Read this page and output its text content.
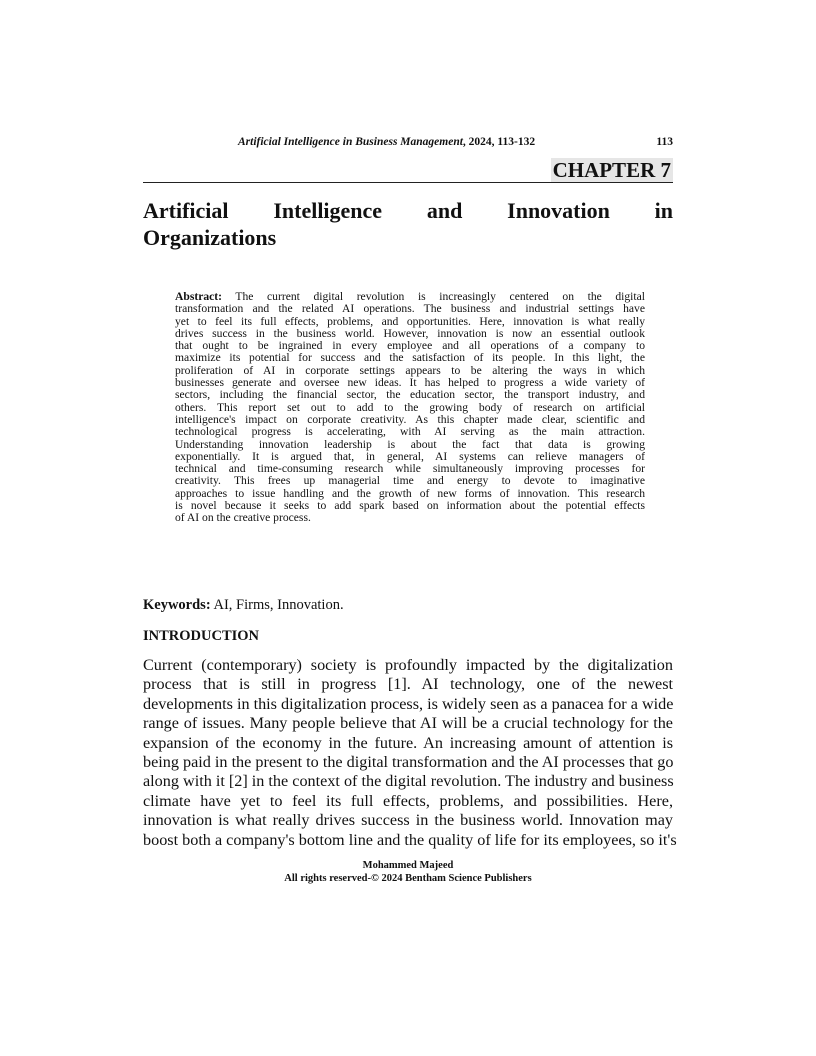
Artificial Intelligence in Business Management, 2024, 113-132	113
CHAPTER 7
Artificial Intelligence and Innovation in
Organizations
Abstract: The current digital revolution is increasingly centered on the digital
transformation and the related AI operations. The business and industrial settings have
yet to feel its full effects, problems, and opportunities. Here, innovation is what really
drives success in the business world. However, innovation is now an essential outlook
that ought to be ingrained in every employee and all operations of a company to
maximize its potential for success and the satisfaction of its people. In this light, the
proliferation of AI in corporate settings appears to be altering the ways in which
businesses generate and oversee new ideas. It has helped to progress a wide variety of
sectors, including the financial sector, the education sector, the transport industry, and
others. This report set out to add to the growing body of research on artificial
intelligence's impact on corporate creativity. As this chapter made clear, scientific and
technological progress is accelerating, with AI serving as the main attraction.
Understanding innovation leadership is about the fact that data is growing
exponentially. It is argued that, in general, AI systems can relieve managers of
technical and time-consuming research while simultaneously improving processes for
creativity. This frees up managerial time and energy to devote to imaginative
approaches to issue handling and the growth of new forms of innovation. This research
is novel because it seeks to add spark based on information about the potential effects
of AI on the creative process.
Keywords: AI, Firms, Innovation.
INTRODUCTION
Current (contemporary) society is profoundly impacted by the digitalization
process that is still in progress [1]. AI technology, one of the newest
developments in this digitalization process, is widely seen as a panacea for a wide
range of issues. Many people believe that AI will be a crucial technology for the
expansion of the economy in the future. An increasing amount of attention is
being paid in the present to the digital transformation and the AI processes that go
along with it [2] in the context of the digital revolution. The industry and business
climate have yet to feel its full effects, problems, and possibilities. Here,
innovation is what really drives success in the business world. Innovation may
boost both a company's bottom line and the quality of life for its employees, so it's
Mohammed Majeed
All rights reserved-© 2024 Bentham Science Publishers
